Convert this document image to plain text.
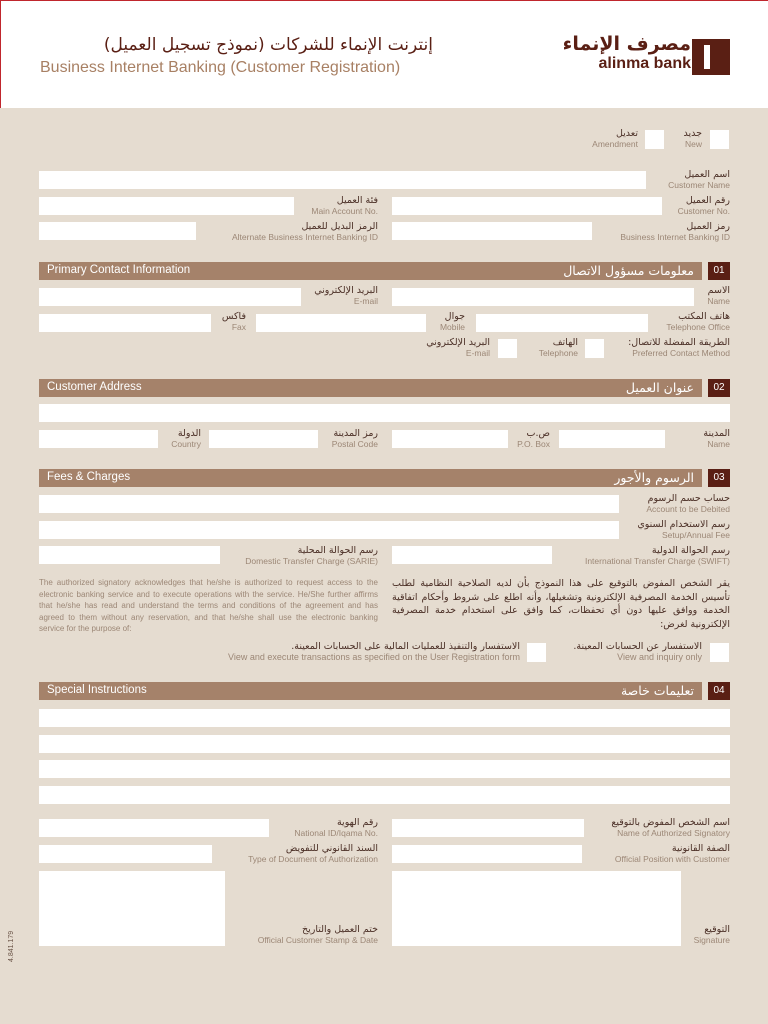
إنترنت الإنماء للشركات (نموذج تسجيل العميل)
Business Internet Banking (Customer Registration)
مصرف الإنماء
alinma bank
جديد
New
تعديل
Amendment
اسم العميل
Customer Name
فئة العميل
Main Account No.
رقم العميل
Customer No.
الرمز البديل للعميل
Alternate Business Internet Banking ID
رمز العميل
Business Internet Banking ID
Primary Contact Information	معلومات مسؤول الاتصال	01
البريد الإلكتروني
E-mail
الاسم
Name
فاكس
Fax
جوال
Mobile
هاتف المكتب
Telephone Office
البريد الإلكتروني
E-mail
الهاتف
Telephone
الطريقة المفضلة للاتصال:
Preferred Contact Method
Customer Address	عنوان العميل	02
الدولة
Country
رمز المدينة
Postal Code
ص.ب
P.O. Box
المدينة
Name
Fees & Charges	الرسوم والأجور	03
حساب حسم الرسوم
Account to be Debited
رسم الاستخدام السنوي
Setup/Annual Fee
رسم الحوالة المحلية
Domestic Transfer Charge (SARIE)
رسم الحوالة الدولية
International Transfer Charge (SWIFT)
The authorized signatory acknowledges that he/she is authorized to request access to the electronic banking service and to execute operations with the service. He/She further affirms that he/she has read and understand the terms and conditions of the agreement and has agreed to them without any reservation, and that he/she shall use the electronic banking service for the purpose of:
يقر الشخص المفوض بالتوقيع على هذا النموذج بأن لديه الصلاحية النظامية لطلب تأسيس الخدمة المصرفية الإلكترونية وتشغيلها، وأنه اطلع على شروط وأحكام اتفاقية الخدمة ووافق عليها دون أي تحفظات، كما وافق على استخدام خدمة المصرفية الإلكترونية لغرض:
الاستفسار والتنفيذ للعمليات المالية على الحسابات المعينة.
View and execute transactions as specified on the User Registration form
الاستفسار عن الحسابات المعينة.
View and inquiry only
Special Instructions	تعليمات خاصة	04
رقم الهوية
National ID/Iqama No.
اسم الشخص المفوض بالتوقيع
Name of Authorized Signatory
السند القانوني للتفويض
Type of Document of Authorization
الصفة القانونية
Official Position with Customer
ختم العميل والتاريخ
Official Customer Stamp & Date
التوقيع
Signature
4.841.179
